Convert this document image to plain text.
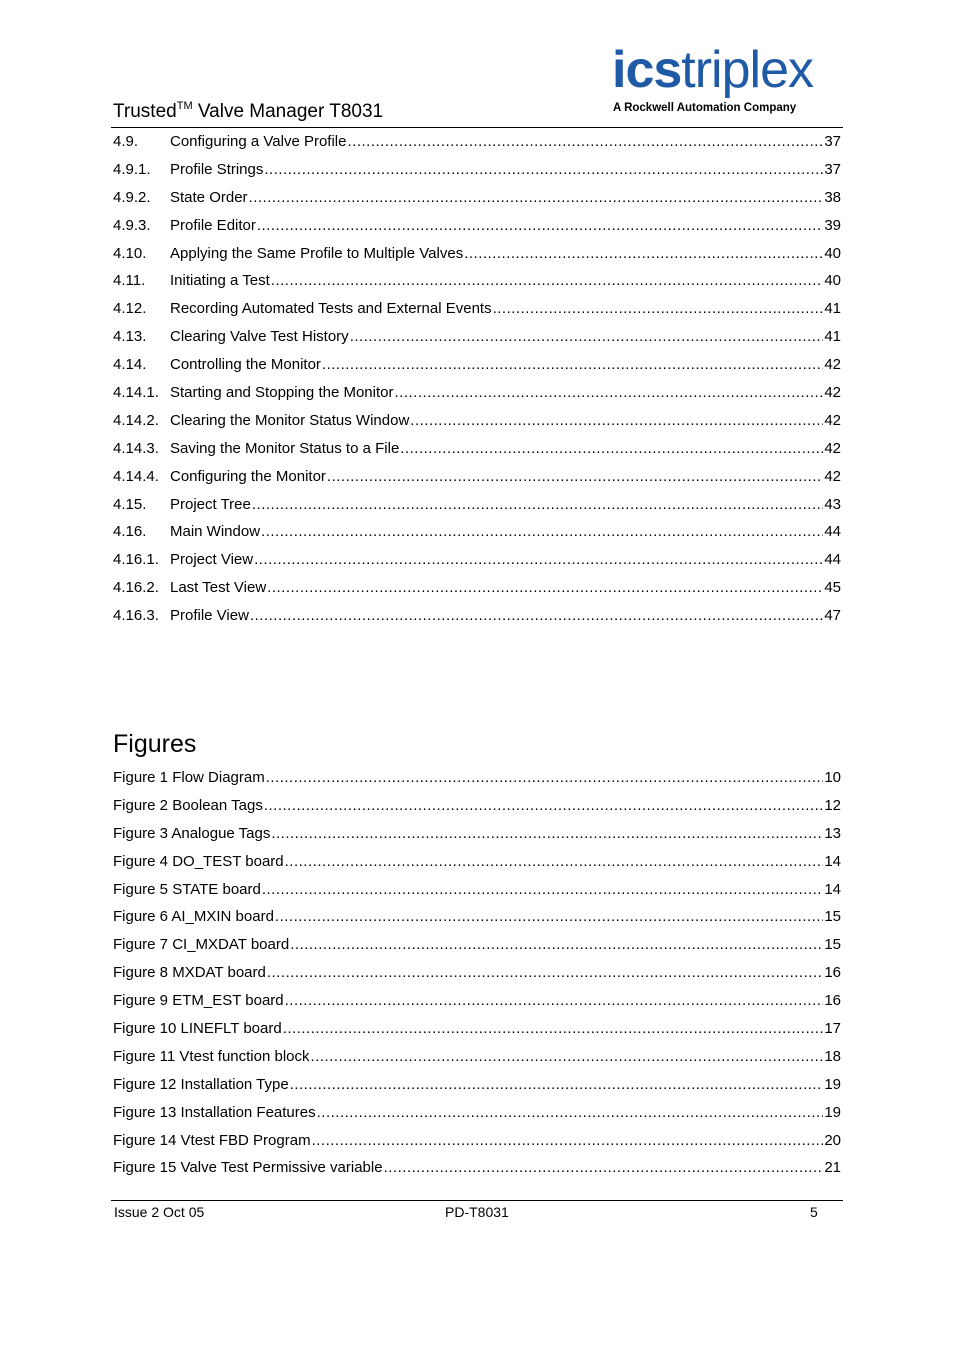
Trusted™ Valve Manager T8031
icstriplex
A Rockwell Automation Company
4.9.	Configuring a Valve Profile .....	37
4.9.1.	Profile Strings .....	37
4.9.2.	State Order .....	38
4.9.3.	Profile Editor .....	39
4.10.	Applying the Same Profile to Multiple Valves .....	40
4.11.	Initiating a Test .....	40
4.12.	Recording Automated Tests and External Events .....	41
4.13.	Clearing Valve Test History .....	41
4.14.	Controlling the Monitor .....	42
4.14.1. Starting and Stopping the Monitor .....	42
4.14.2. Clearing the Monitor Status Window .....	42
4.14.3. Saving the Monitor Status to a File .....	42
4.14.4. Configuring the Monitor .....	42
4.15.	Project Tree .....	43
4.16.	Main Window .....	44
4.16.1. Project View .....	44
4.16.2. Last Test View .....	45
4.16.3. Profile View .....	47
Figures
Figure 1 Flow Diagram .....	10
Figure 2 Boolean Tags .....	12
Figure 3 Analogue Tags .....	13
Figure 4 DO_TEST board .....	14
Figure 5 STATE board .....	14
Figure 6 AI_MXIN board .....	15
Figure 7 CI_MXDAT board .....	15
Figure 8 MXDAT board .....	16
Figure 9 ETM_EST board .....	16
Figure 10 LINEFLT board .....	17
Figure 11 Vtest function block .....	18
Figure 12 Installation Type .....	19
Figure 13 Installation Features .....	19
Figure 14 Vtest FBD Program .....	20
Figure 15 Valve Test Permissive variable .....	21
Issue 2 Oct 05	PD-T8031	5
